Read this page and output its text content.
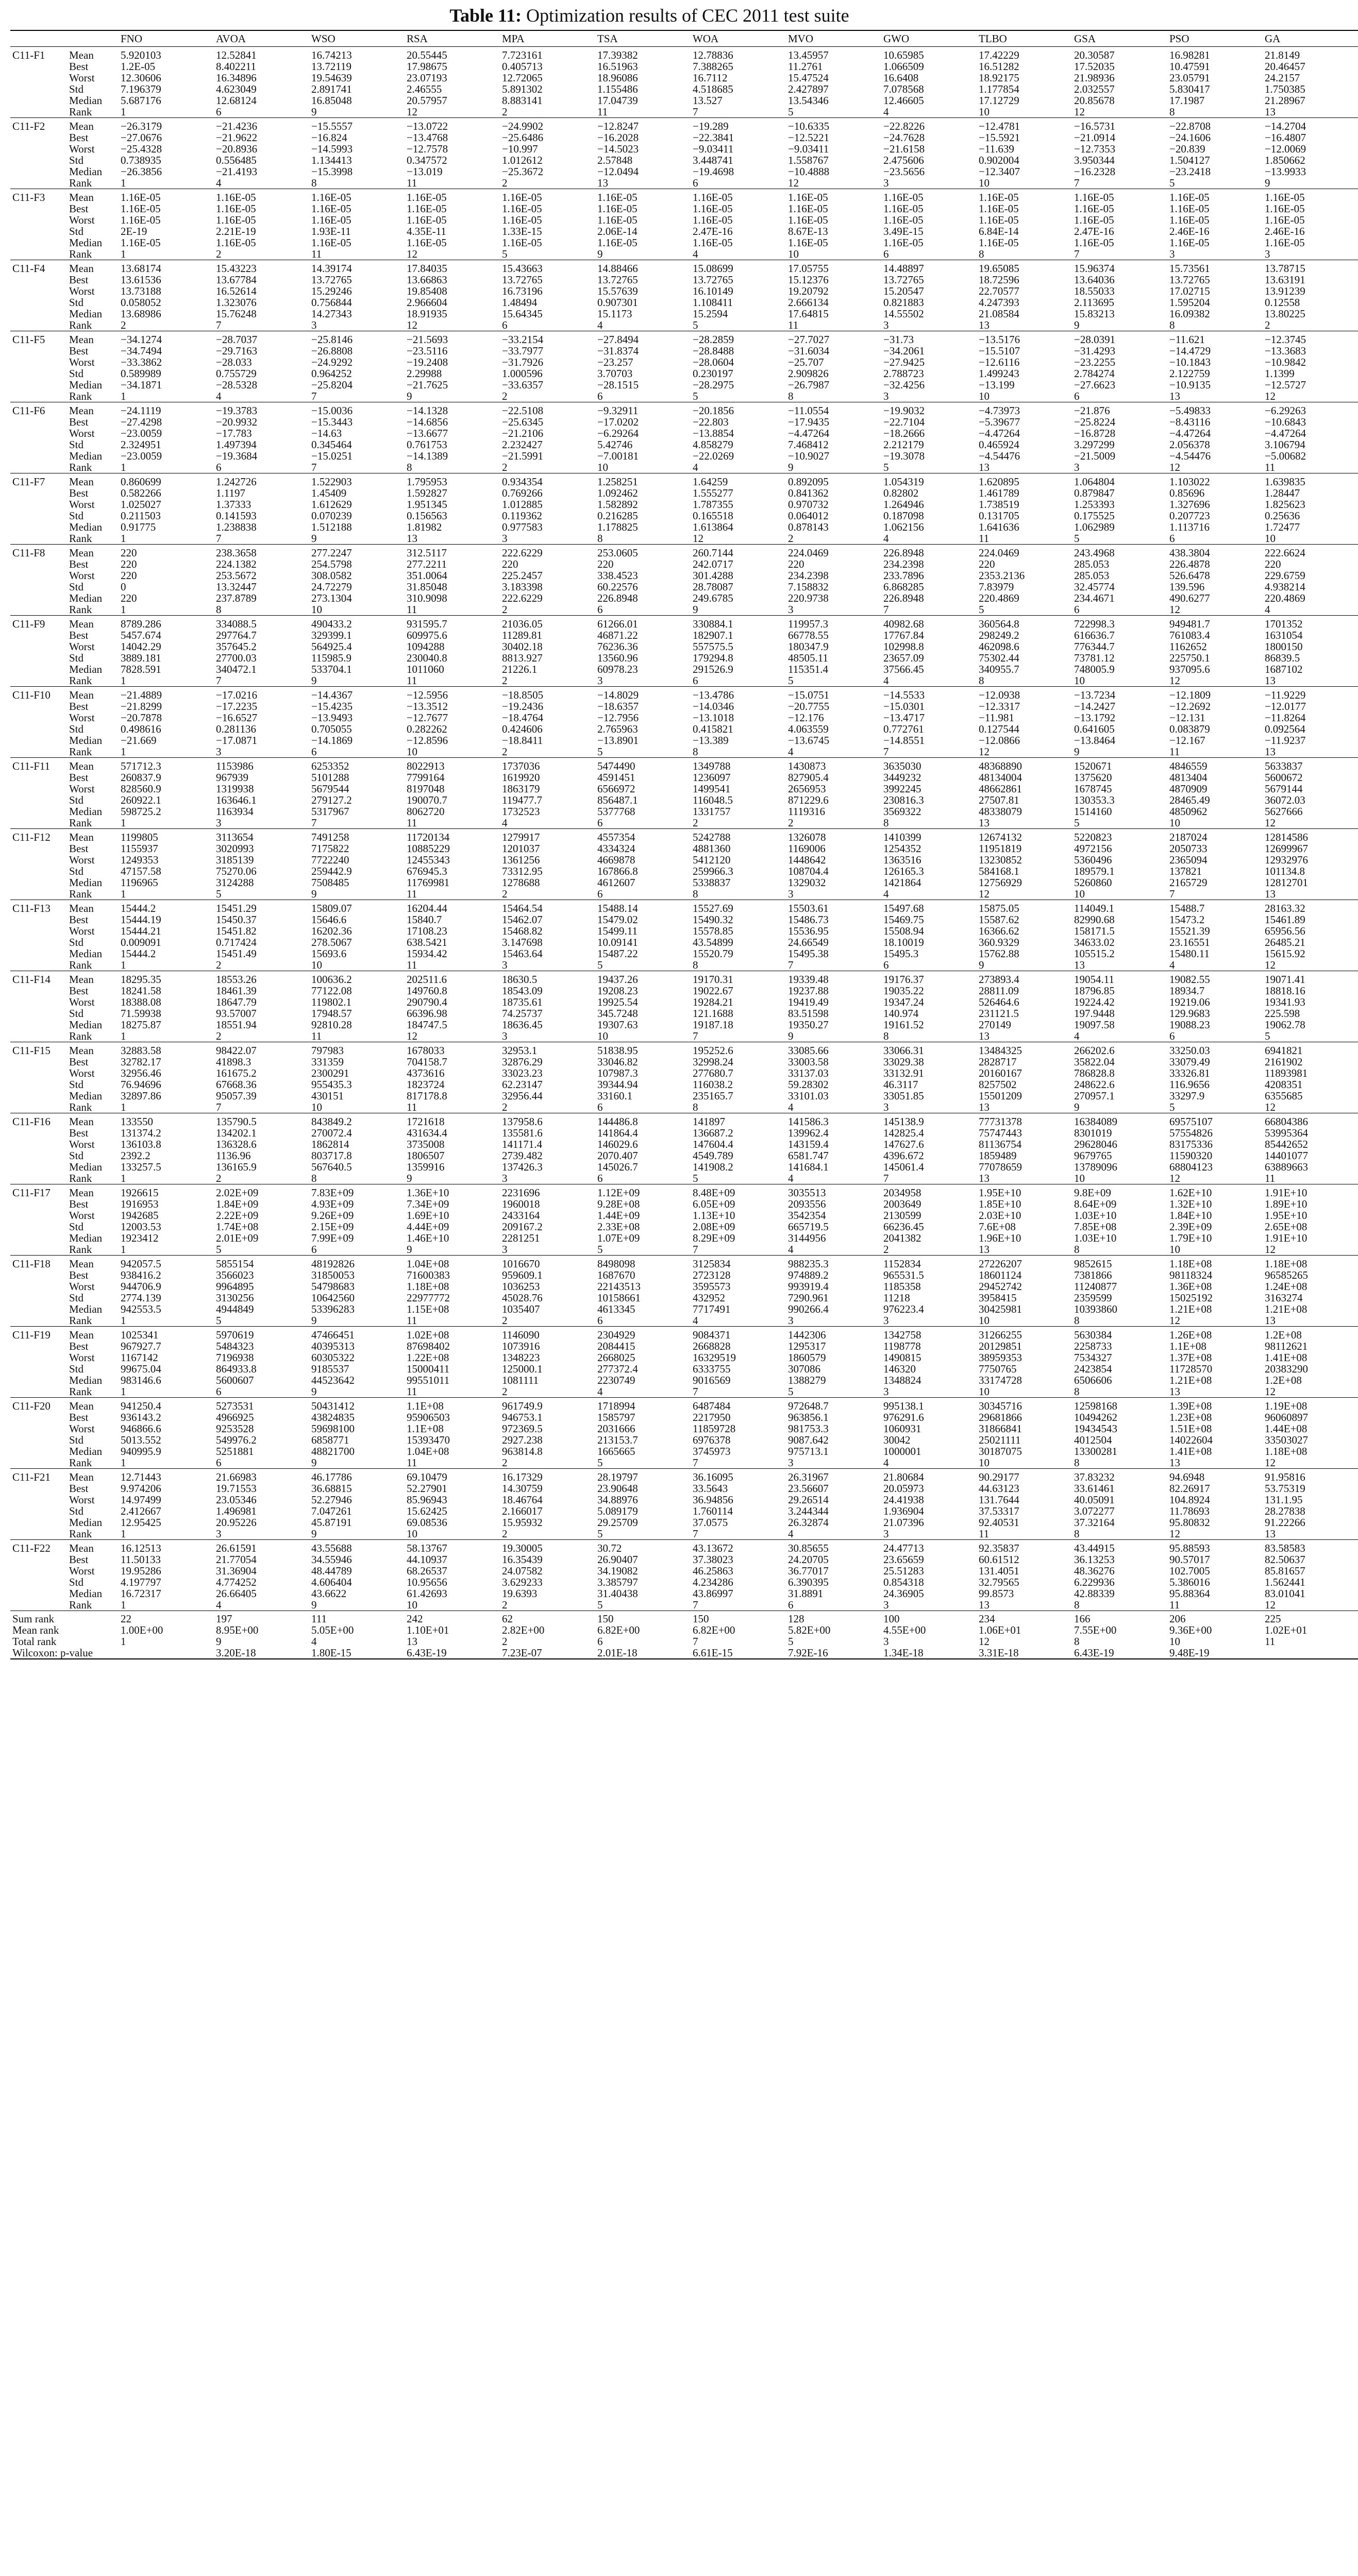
Table 11: Optimization results of CEC 2011 test suite
		FNO	AVOA	WSO	RSA	MPA	TSA	WOA	MVO	GWO	TLBO	GSA	PSO	GA
C11-F1	Mean	5.920103	12.52841	16.74213	20.55445	7.723161	17.39382	12.78836	13.45957	10.65985	17.42229	20.30587	16.98281	21.8149
	Best	1.2E-05	8.402211	13.72119	17.98675	0.405713	16.51963	7.388265	11.2761	1.066509	16.51282	17.52035	10.47591	20.46457
	Worst	12.30606	16.34896	19.54639	23.07193	12.72065	18.96086	16.7112	15.47524	16.6408	18.92175	21.98936	23.05791	24.2157
	Std	7.196379	4.623049	2.891741	2.46555	5.891302	1.155486	4.518685	2.427897	7.078568	1.177854	2.032557	5.830417	1.750385
	Median	5.687176	12.68124	16.85048	20.57957	8.883141	17.04739	13.527	13.54346	12.46605	17.12729	20.85678	17.1987	21.28967
	Rank	1	6	9	12	2	11	7	5	4	10	12	8	13
C11-F2	Mean	−26.3179	−21.4236	−15.5557	−13.0722	−24.9902	−12.8247	−19.289	−10.6335	−22.8226	−12.4781	−16.5731	−22.8708	−14.2704
	Best	−27.0676	−21.9622	−16.824	−13.4768	−25.6486	−16.2028	−22.3841	−12.5221	−24.7628	−15.5921	−21.0914	−24.1606	−16.4807
	Worst	−25.4328	−20.8936	−14.5993	−12.7578	−10.997	−14.5023	−9.03411	−9.03411	−21.6158	−11.639	−12.7353	−20.839	−12.0069
	Std	0.738935	0.556485	1.134413	0.347572	1.012612	2.57848	3.448741	1.558767	2.475606	0.902004	3.950344	1.504127	1.850662
	Median	−26.3856	−21.4193	−15.3998	−13.019	−25.3672	−12.0494	−19.4698	−10.4888	−23.5656	−12.3407	−16.2328	−23.2418	−13.9933
	Rank	1	4	8	11	2	13	6	12	3	10	7	5	9
C11-F3	Mean	1.16E-05	1.16E-05	1.16E-05	1.16E-05	1.16E-05	1.16E-05	1.16E-05	1.16E-05	1.16E-05	1.16E-05	1.16E-05	1.16E-05	1.16E-05
	Best	1.16E-05	1.16E-05	1.16E-05	1.16E-05	1.16E-05	1.16E-05	1.16E-05	1.16E-05	1.16E-05	1.16E-05	1.16E-05	1.16E-05	1.16E-05
	Worst	1.16E-05	1.16E-05	1.16E-05	1.16E-05	1.16E-05	1.16E-05	1.16E-05	1.16E-05	1.16E-05	1.16E-05	1.16E-05	1.16E-05	1.16E-05
	Std	2E-19	2.21E-19	1.93E-11	4.35E-11	1.33E-15	2.06E-14	2.47E-16	8.67E-13	3.49E-15	6.84E-14	2.47E-16	2.46E-16	2.46E-16
	Median	1.16E-05	1.16E-05	1.16E-05	1.16E-05	1.16E-05	1.16E-05	1.16E-05	1.16E-05	1.16E-05	1.16E-05	1.16E-05	1.16E-05	1.16E-05
	Rank	1	2	11	12	5	9	4	10	6	8	7	3	3
C11-F4	Mean	13.68174	15.43223	14.39174	17.84035	15.43663	14.88466	15.08699	17.05755	14.48897	19.65085	15.96374	15.73561	13.78715
	Best	13.61536	13.67784	13.72765	13.66863	13.72765	13.72765	13.72765	15.12376	13.72765	18.72596	13.64036	13.72765	13.63191
	Worst	13.73188	16.52614	15.29246	19.85408	16.73196	15.57639	16.10149	19.20792	15.20547	22.70577	18.55033	17.02715	13.91239
	Std	0.058052	1.323076	0.756844	2.966604	1.48494	0.907301	1.108411	2.666134	0.821883	4.247393	2.113695	1.595204	0.12558
	Median	13.68986	15.76248	14.27343	18.91935	15.64345	15.1173	15.2594	17.64815	14.55502	21.08584	15.83213	16.09382	13.80225
	Rank	2	7	3	12	6	4	5	11	3	13	9	8	2
C11-F5	Mean	−34.1274	−28.7037	−25.8146	−21.5693	−33.2154	−27.8494	−28.2859	−27.7027	−31.73	−13.5176	−28.0391	−11.621	−12.3745
	Best	−34.7494	−29.7163	−26.8808	−23.5116	−33.7977	−31.8374	−28.8488	−31.6034	−34.2061	−15.5107	−31.4293	−14.4729	−13.3683
	Worst	−33.3862	−28.033	−24.9292	−19.2408	−31.7926	−23.257	−28.0604	−25.707	−27.9425	−12.6116	−23.2255	−10.1843	−10.9842
	Std	0.589989	0.755729	0.964252	2.29988	1.000596	3.70703	0.230197	2.909826	2.788723	1.499243	2.784274	2.122759	1.1399
	Median	−34.1871	−28.5328	−25.8204	−21.7625	−33.6357	−28.1515	−28.2975	−26.7987	−32.4256	−13.199	−27.6623	−10.9135	−12.5727
	Rank	1	4	7	9	2	6	5	8	3	10	6	13	12
C11-F6	Mean	−24.1119	−19.3783	−15.0036	−14.1328	−22.5108	−9.32911	−20.1856	−11.0554	−19.9032	−4.73973	−21.876	−5.49833	−6.29263
	Best	−27.4298	−20.9932	−15.3443	−14.6856	−25.6345	−17.0202	−22.803	−17.9435	−22.7104	−5.39677	−25.8224	−8.43116	−10.6843
	Worst	−23.0059	−17.783	−14.63	−13.6677	−21.2106	−6.29264	−13.8854	−4.47264	−18.2666	−4.47264	−16.8728	−4.47264	−4.47264
	Std	2.324951	1.497394	0.345464	0.761753	2.232427	5.42746	4.858279	7.468412	2.212179	0.465924	3.297299	2.056378	3.106794
	Median	−23.0059	−19.3684	−15.0251	−14.1389	−21.5991	−7.00181	−22.0269	−10.9027	−19.3078	−4.54476	−21.5009	−4.54476	−5.00682
	Rank	1	6	7	8	2	10	4	9	5	13	3	12	11
C11-F7	Mean	0.860699	1.242726	1.522903	1.795953	0.934354	1.258251	1.64259	0.892095	1.054319	1.620895	1.064804	1.103022	1.639835
	Best	0.582266	1.1197	1.45409	1.592827	0.769266	1.092462	1.555277	0.841362	0.82802	1.461789	0.879847	0.85696	1.28447
	Worst	1.025027	1.37333	1.612629	1.951345	1.012885	1.582892	1.787355	0.970732	1.264946	1.738519	1.253393	1.327696	1.825623
	Std	0.211503	0.141593	0.070239	0.156563	0.119362	0.216285	0.165518	0.064012	0.187098	0.131705	0.175525	0.207723	0.25636
	Median	0.91775	1.238838	1.512188	1.81982	0.977583	1.178825	1.613864	0.878143	1.062156	1.641636	1.062989	1.113716	1.72477
	Rank	1	7	9	13	3	8	12	2	4	11	5	6	10
C11-F8	Mean	220	238.3658	277.2247	312.5117	222.6229	253.0605	260.7144	224.0469	226.8948	224.0469	243.4968	438.3804	222.6624
	Best	220	224.1382	254.5798	277.2211	220	220	242.0717	220	234.2398	220	285.053	226.4878	220
	Worst	220	253.5672	308.0582	351.0064	225.2457	338.4523	301.4288	234.2398	233.7896	2353.2136	285.053	526.6478	229.6759
	Std	0	13.32447	24.72279	31.85048	3.183398	60.22576	28.78087	7.158832	6.868285	7.83979	32.45774	139.596	4.938214
	Median	220	237.8789	273.1304	310.9098	222.6229	226.8948	249.6785	220.9738	226.8948	220.4869	234.4671	490.6277	220.4869
	Rank	1	8	10	11	2	6	9	3	7	5	6	12	4
C11-F9	Mean	8789.286	334088.5	490433.2	931595.7	21036.05	61266.01	330884.1	119957.3	40982.68	360564.8	722998.3	949481.7	1701352
	Best	5457.674	297764.7	329399.1	609975.6	11289.81	46871.22	182907.1	66778.55	17767.84	298249.2	616636.7	761083.4	1631054
	Worst	14042.29	357645.2	564925.4	1094288	30402.18	76236.36	557575.5	180347.9	102998.8	462098.6	776344.7	1162652	1800150
	Std	3889.181	27700.03	115985.9	230040.8	8813.927	13560.96	179294.8	48505.11	23657.09	75302.44	73781.12	225750.1	86839.5
	Median	7828.591	340472.1	533704.1	1011060	21226.1	60978.23	291526.9	115351.4	37566.45	340955.7	748005.9	937095.6	1687102
	Rank	1	7	9	11	2	3	6	5	4	8	10	12	13
C11-F10	Mean	−21.4889	−17.0216	−14.4367	−12.5956	−18.8505	−14.8029	−13.4786	−15.0751	−14.5533	−12.0938	−13.7234	−12.1809	−11.9229
	Best	−21.8299	−17.2235	−15.4235	−13.3512	−19.2436	−18.6357	−14.0346	−20.7755	−15.0301	−12.3317	−14.2427	−12.2692	−12.0177
	Worst	−20.7878	−16.6527	−13.9493	−12.7677	−18.4764	−12.7956	−13.1018	−12.176	−13.4717	−11.981	−13.1792	−12.131	−11.8264
	Std	0.498616	0.281136	0.705055	0.282262	0.424606	2.765963	0.415821	4.063559	0.772761	0.127544	0.641605	0.083879	0.092564
	Median	−21.669	−17.0871	−14.1869	−12.8596	−18.8411	−13.8901	−13.389	−13.6745	−14.8551	−12.0866	−13.8464	−12.167	−11.9237
	Rank	1	3	6	10	2	5	8	4	7	12	9	11	13
C11-F11	Mean	571712.3	1153986	6253352	8022913	1737036	5474490	1349788	1430873	3635030	48368890	1520671	4846559	5633837
	Best	260837.9	967939	5101288	7799164	1619920	4591451	1236097	827905.4	3449232	48134004	1375620	4813404	5600672
	Worst	828560.9	1319938	5679544	8197048	1863179	6566972	1499541	2656953	3992245	48662861	1678745	4870909	5679144
	Std	260922.1	163646.1	279127.2	190070.7	119477.7	856487.1	116048.5	871229.6	230816.3	27507.81	130353.3	28465.49	36072.03
	Median	598725.2	1163934	5317967	8062720	1732523	5377768	1331757	1119316	3569322	48338079	1514160	4850962	5627666
	Rank	1	3	7	11	4	6	2	2	8	13	5	10	12
C11-F12	Mean	1199805	3113654	7491258	11720134	1279917	4557354	5242788	1326078	1410399	12674132	5220823	2187024	12814586
	Best	1155937	3020993	7175822	10885229	1201037	4334324	4881360	1169006	1254352	11951819	4972156	2050733	12699967
	Worst	1249353	3185139	7722240	12455343	1361256	4669878	5412120	1448642	1363516	13230852	5360496	2365094	12932976
	Std	47157.58	75270.06	259442.9	676945.3	73312.95	167866.8	259966.3	108704.4	126165.3	584168.1	189579.1	137821	101134.8
	Median	1196965	3124288	7508485	11769981	1278688	4612607	5338837	1329032	1421864	12756929	5260860	2165729	12812701
	Rank	1	5	9	11	2	6	8	3	4	12	10	7	13
C11-F13	Mean	15444.2	15451.29	15809.07	16204.44	15464.54	15488.14	15527.69	15503.61	15497.68	15875.05	114049.1	15488.7	28163.32
	Best	15444.19	15450.37	15646.6	15840.7	15462.07	15479.02	15490.32	15486.73	15469.75	15587.62	82990.68	15473.2	15461.89
	Worst	15444.21	15451.82	16202.36	17108.23	15468.82	15499.11	15578.85	15536.95	15508.94	16366.62	158171.5	15521.39	65956.56
	Std	0.009091	0.717424	278.5067	638.5421	3.147698	10.09141	43.54899	24.66549	18.10019	360.9329	34633.02	23.16551	26485.21
	Median	15444.2	15451.49	15693.6	15934.42	15463.64	15487.22	15520.79	15495.38	15495.3	15762.88	105515.2	15480.11	15615.92
	Rank	1	2	10	11	3	5	8	7	6	9	13	4	12
C11-F14	Mean	18295.35	18553.26	100636.2	202511.6	18630.5	19437.26	19170.31	19339.48	19176.37	273893.4	19054.11	19082.55	19071.41
	Best	18241.58	18461.39	77122.08	149760.8	18543.09	19208.23	19022.67	19237.88	19035.22	28811.09	18796.85	18934.7	18818.16
	Worst	18388.08	18647.79	119802.1	290790.4	18735.61	19925.54	19284.21	19419.49	19347.24	526464.6	19224.42	19219.06	19341.93
	Std	71.59938	93.57007	17948.57	66396.98	74.25737	345.7248	121.1688	83.51598	140.974	231121.5	197.9448	129.9683	225.598
	Median	18275.87	18551.94	92810.28	184747.5	18636.45	19307.63	19187.18	19350.27	19161.52	270149	19097.58	19088.23	19062.78
	Rank	1	2	11	12	3	10	7	9	8	13	4	6	5
C11-F15	Mean	32883.58	98422.07	797983	1678033	32953.1	51838.95	195252.6	33085.66	33066.31	13484325	266202.6	33250.03	6941821
	Best	32782.17	41898.3	331359	704158.7	32876.29	33046.82	32998.24	33003.58	33029.38	2828717	35822.04	33079.49	2161902
	Worst	32956.46	161675.2	2300291	4373616	33023.23	107987.3	277680.7	33137.03	33132.91	20160167	786828.8	33326.81	11893981
	Std	76.94696	67668.36	955435.3	1823724	62.23147	39344.94	116038.2	59.28302	46.3117	8257502	248622.6	116.9656	4208351
	Median	32897.86	95057.39	430151	817178.8	32956.44	33160.1	235165.7	33101.03	33051.85	15501209	270957.1	33297.9	6355685
	Rank	1	7	10	11	2	6	8	4	3	13	9	5	12
C11-F16	Mean	133550	135790.5	843849.2	1721618	137958.6	144486.8	141897	141586.3	145138.9	77731378	16384089	69575107	66804386
	Best	131374.2	134202.1	270072.4	431634.4	135581.6	141864.4	136687.2	139962.4	142825.4	75747443	8301019	57554826	53995364
	Worst	136103.8	136328.6	1862814	3735008	141171.4	146029.6	147604.4	143159.4	147627.6	81136754	29628046	83175336	85442652
	Std	2392.2	1136.96	803717.8	1806507	2739.482	2070.407	4549.789	6581.747	4396.672	1859489	9679765	11590320	14401077
	Median	133257.5	136165.9	567640.5	1359916	137426.3	145026.7	141908.2	141684.1	145061.4	77078659	13789096	68804123	63889663
	Rank	1	2	8	9	3	6	5	4	7	13	10	12	11
C11-F17	Mean	1926615	2.02E+09	7.83E+09	1.36E+10	2231696	1.12E+09	8.48E+09	3035513	2034958	1.95E+10	9.8E+09	1.62E+10	1.91E+10
	Best	1916953	1.84E+09	4.93E+09	7.34E+09	1960018	9.28E+08	6.05E+09	2093556	2003649	1.85E+10	8.64E+09	1.32E+10	1.89E+10
	Worst	1942685	2.22E+09	9.26E+09	1.69E+10	2433164	1.44E+09	1.13E+10	3542354	2130599	2.03E+10	1.03E+10	1.84E+10	1.95E+10
	Std	12003.53	1.74E+08	2.15E+09	4.44E+09	209167.2	2.33E+08	2.08E+09	665719.5	66236.45	7.6E+08	7.85E+08	2.39E+09	2.65E+08
	Median	1923412	2.01E+09	7.99E+09	1.46E+10	2281251	1.07E+09	8.29E+09	3144956	2041382	1.96E+10	1.03E+10	1.79E+10	1.91E+10
	Rank	1	5	6	9	3	5	7	4	2	13	8	10	12
C11-F18	Mean	942057.5	5855154	48192826	1.04E+08	1016670	8498098	3125834	988235.3	1152834	27226207	9852615	1.18E+08	1.18E+08
	Best	938416.2	3566023	31850053	71600383	959609.1	1687670	2723128	974889.2	965531.5	18601124	7381866	98118324	96585265
	Worst	944706.9	9964895	54798683	1.18E+08	1036253	22143513	3595573	993919.4	1185358	29452742	11240877	1.36E+08	1.24E+08
	Std	2774.139	3130256	10642560	22977772	45028.76	10158661	432952	7290.961	11218	3958415	2359599	15025192	3163274
	Median	942553.5	4944849	53396283	1.15E+08	1035407	4613345	7717491	990266.4	976223.4	30425981	10393860	1.21E+08	1.21E+08
	Rank	1	5	9	11	2	6	4	3	3	10	8	12	13
C11-F19	Mean	1025341	5970619	47466451	1.02E+08	1146090	2304929	9084371	1442306	1342758	31266255	5630384	1.26E+08	1.2E+08
	Best	967927.7	5484323	40395313	87698402	1073916	2084415	2668828	1295317	1198778	20129851	2258733	1.1E+08	98112621
	Worst	1167142	7196938	60305322	1.22E+08	1348223	2668025	16329519	1860579	1490815	38959353	7534327	1.37E+08	1.41E+08
	Std	99675.04	864933.8	9185537	15000411	125000.1	277372.4	6333755	307086	146320	7750765	2423854	11728570	20383290
	Median	983146.6	5600607	44523642	99551011	1081111	2230749	9016569	1388279	1348824	33174728	6506606	1.21E+08	1.2E+08
	Rank	1	6	9	11	2	4	7	5	3	10	8	13	12
C11-F20	Mean	941250.4	5273531	50431412	1.1E+08	961749.9	1718994	6487484	972648.7	995138.1	30345716	12598168	1.39E+08	1.19E+08
	Best	936143.2	4966925	43824835	95906503	946753.1	1585797	2217950	963856.1	976291.6	29681866	10494262	1.23E+08	96060897
	Worst	946866.6	9253528	59698100	1.1E+08	972369.5	2031666	11859728	981753.3	1060931	31866841	19434543	1.51E+08	1.44E+08
	Std	5013.552	549976.2	6858771	15393470	2927.238	213153.7	6976378	9087.642	30042	25021111	4012504	14022604	33503027
	Median	940995.9	5251881	48821700	1.04E+08	963814.8	1665665	3745973	975713.1	1000001	30187075	13300281	1.41E+08	1.18E+08
	Rank	1	6	9	11	2	5	7	3	4	10	8	13	12
C11-F21	Mean	12.71443	21.66983	46.17786	69.10479	16.17329	28.19797	36.16095	26.31967	21.80684	90.29177	37.83232	94.6948	91.95816
	Best	9.974206	19.71553	36.68815	52.27901	14.30759	23.90648	33.5643	23.56607	20.05973	44.63123	33.61461	82.26917	53.75319
	Worst	14.97499	23.05346	52.27946	85.96943	18.46764	34.88976	36.94856	29.26514	24.41938	131.7644	40.05091	104.8924	131.1.95
	Std	2.412667	1.496981	7.047261	15.62425	2.166017	5.089179	1.760114	3.244344	1.936904	37.53317	3.072277	11.78693	28.27838
	Median	12.95425	20.95226	45.87191	69.08536	15.95932	29.25709	37.0575	26.32874	21.07396	92.40531	37.32164	95.80832	91.22266
	Rank	1	3	9	10	2	5	7	4	3	11	8	12	13
C11-F22	Mean	16.12513	26.61591	43.55688	58.13767	19.30005	30.72	43.13672	30.85655	24.47713	92.35837	43.44915	95.88593	83.58583
	Best	11.50133	21.77054	34.55946	44.10937	16.35439	26.90407	37.38023	24.20705	23.65659	60.61512	36.13253	90.57017	82.50637
	Worst	19.95286	31.36904	48.44789	68.26537	24.07582	34.19082	46.25863	36.77017	25.51283	131.4051	48.36276	102.7005	85.81657
	Std	4.197797	4.774252	4.606404	10.95656	3.629233	3.385797	4.234286	6.390395	0.854318	32.79565	6.229936	5.386016	1.562441
	Median	16.72317	26.66405	43.6622	61.42693	19.6393	31.40438	43.86997	31.8891	24.36905	99.8573	42.88339	95.88364	83.01041
	Rank	1	4	9	10	2	5	7	6	3	13	8	11	12
Sum rank		22	197	111	242	62	150	150	128	100	234	166	206	225
Mean rank		1.00E+00	8.95E+00	5.05E+00	1.10E+01	2.82E+00	6.82E+00	6.82E+00	5.82E+00	4.55E+00	1.06E+01	7.55E+00	9.36E+00	1.02E+01
Total rank		1	9	4	13	2	6	7	5	3	12	8	10	11
Wilcoxon: p-value			3.20E-18	1.80E-15	6.43E-19	7.23E-07	2.01E-18	6.61E-15	7.92E-16	1.34E-18	3.31E-18	6.43E-19	9.48E-19	
